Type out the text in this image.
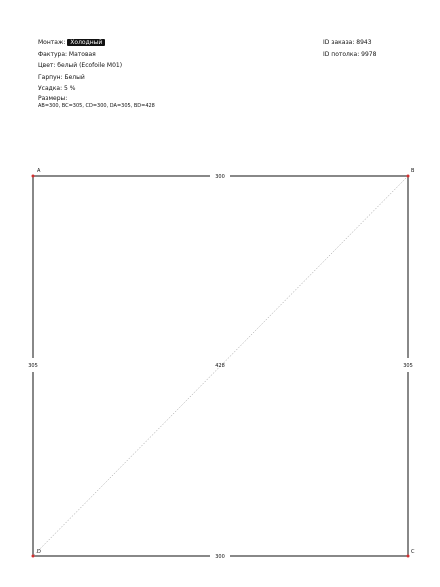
Монтаж: Холодный
Фактура: Матовая
Цвет: белый (Ecofoile M01)
Гарпун: Белый
Усадка: 5 %
Размеры:
AB=300, BC=305, CD=300, DA=305, BD=428
ID заказа: 8943
ID потолка: 9978
A	B
C
D
300
300
305	305
428
